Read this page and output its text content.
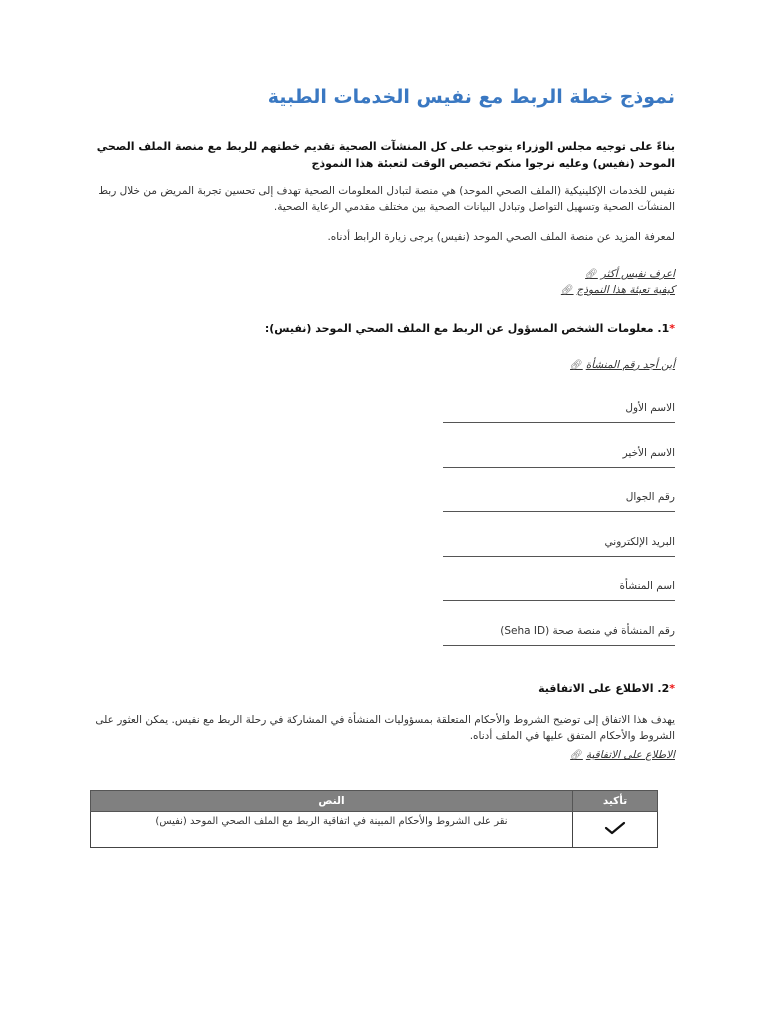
نموذج خطة الربط مع نفيس الخدمات الطبية
بناءً على توجيه مجلس الوزراء يتوجب على كل المنشآت الصحية تقديم خطتهم للربط مع منصة الملف الصحي الموحد (نفيس) وعليه نرجوا منكم تخصيص الوقت لتعبئة هذا النموذج
نفيس للخدمات الإكلينيكية (الملف الصحي الموحد) هي منصة لتبادل المعلومات الصحية تهدف إلى تحسين تجربة المريض من خلال ربط المنشآت الصحية وتسهيل التواصل وتبادل البيانات الصحية بين مختلف مقدمي الرعاية الصحية.
لمعرفة المزيد عن منصة الملف الصحي الموحد (نفيس) يرجى زيارة الرابط أدناه.
اعرف نفيس أكثر
🔗︎
كيفية تعبئة هذا النموذج
🔗︎
*1. معلومات الشخص المسؤول عن الربط مع الملف الصحي الموحد (نفيس):
أين أجد رقم المنشأة
🔗︎
الاسم الأول
الاسم الأخير
رقم الجوال
البريد الإلكتروني
اسم المنشأة
رقم المنشأة في منصة صحة (Seha ID)
*2. الاطلاع على الاتفاقية
يهدف هذا الاتفاق إلى توضيح الشروط والأحكام المتعلقة بمسؤوليات المنشأة في المشاركة في رحلة الربط مع نفيس. يمكن العثور على الشروط والأحكام المتفق عليها في الملف أدناه.
الاطلاع على الاتفاقية
🔗︎
تأكيد	النص
	نقر على الشروط والأحكام المبينة في اتفاقية الربط مع الملف الصحي الموحد (نفيس)
